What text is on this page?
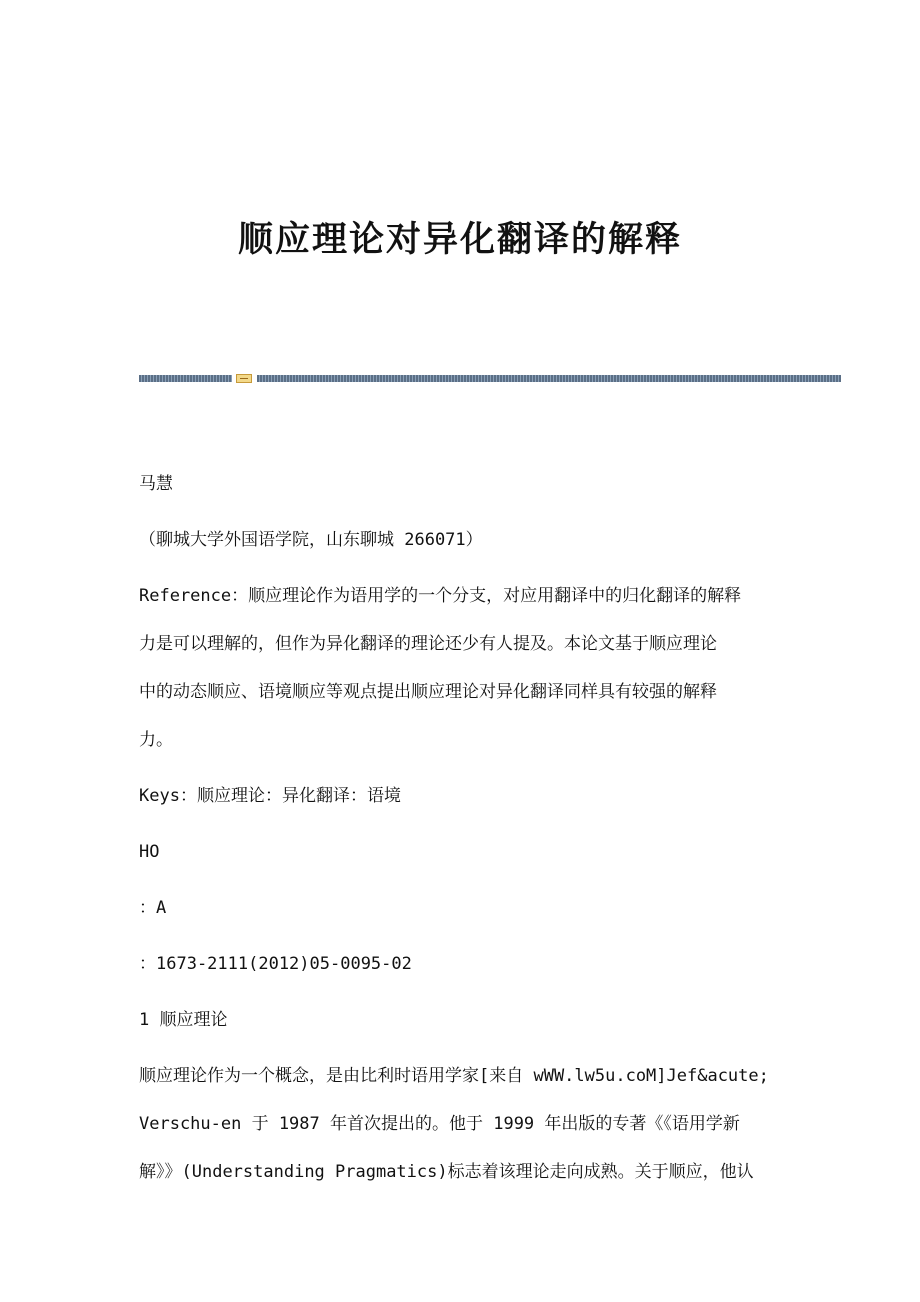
顺应理论对异化翻译的解释
马慧
（聊城大学外国语学院，山东聊城 266071）
Reference：顺应理论作为语用学的一个分支，对应用翻译中的归化翻译的解释
力是可以理解的，但作为异化翻译的理论还少有人提及。本论文基于顺应理论
中的动态顺应、语境顺应等观点提出顺应理论对异化翻译同样具有较强的解释
力。
Keys：顺应理论：异化翻译：语境
HO
：A
：1673-2111(2012)05-0095-02
1 顺应理论
顺应理论作为一个概念，是由比利时语用学家[来自 wWW.lw5u.coM]Jef&acute;
Verschu-en 于 1987 年首次提出的。他于 1999 年出版的专著《《语用学新
解》》(Understanding Pragmatics)标志着该理论走向成熟。关于顺应，他认
